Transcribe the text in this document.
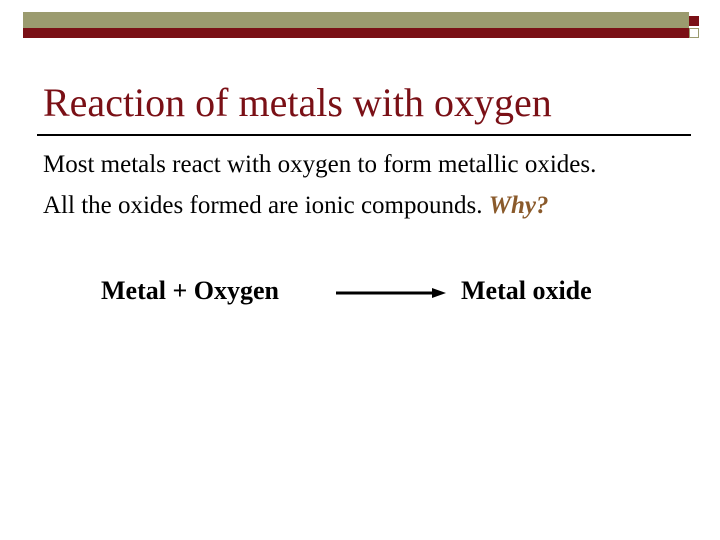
Reaction of metals with oxygen
Most metals react with oxygen to form metallic oxides.
All the oxides formed are ionic compounds. Why?
Metal + Oxygen	Metal oxide
